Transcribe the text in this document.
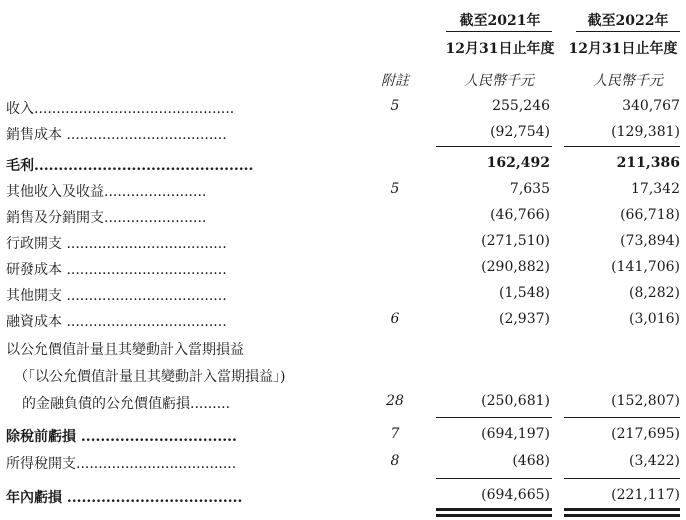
截至2021年
12月31日止年度
截至2022年
12月31日止年度
附註	人民幣千元	人民幣千元
收入.............................................	5	255,246	340,767
銷售成本 ....................................	(92,754)	(129,381)
毛利.............................................	162,492	211,386
其他收入及收益.......................	5	7,635	17,342
銷售及分銷開支.......................	(46,766)	(66,718)
行政開支 ....................................	(271,510)	(73,894)
研發成本 ....................................	(290,882)	(141,706)
其他開支 ....................................	(1,548)	(8,282)
融資成本 ....................................	6	(2,937)	(3,016)
以公允價值計量且其變動計入當期損益
（「以公允價值計量且其變動計入當期損益」)
的金融負債的公允價值虧損.........	28	(250,681)	(152,807)
除稅前虧損 ................................	7	(694,197)	(217,695)
所得稅開支....................................	8	(468)	(3,422)
年內虧損 ....................................	(694,665)	(221,117)
